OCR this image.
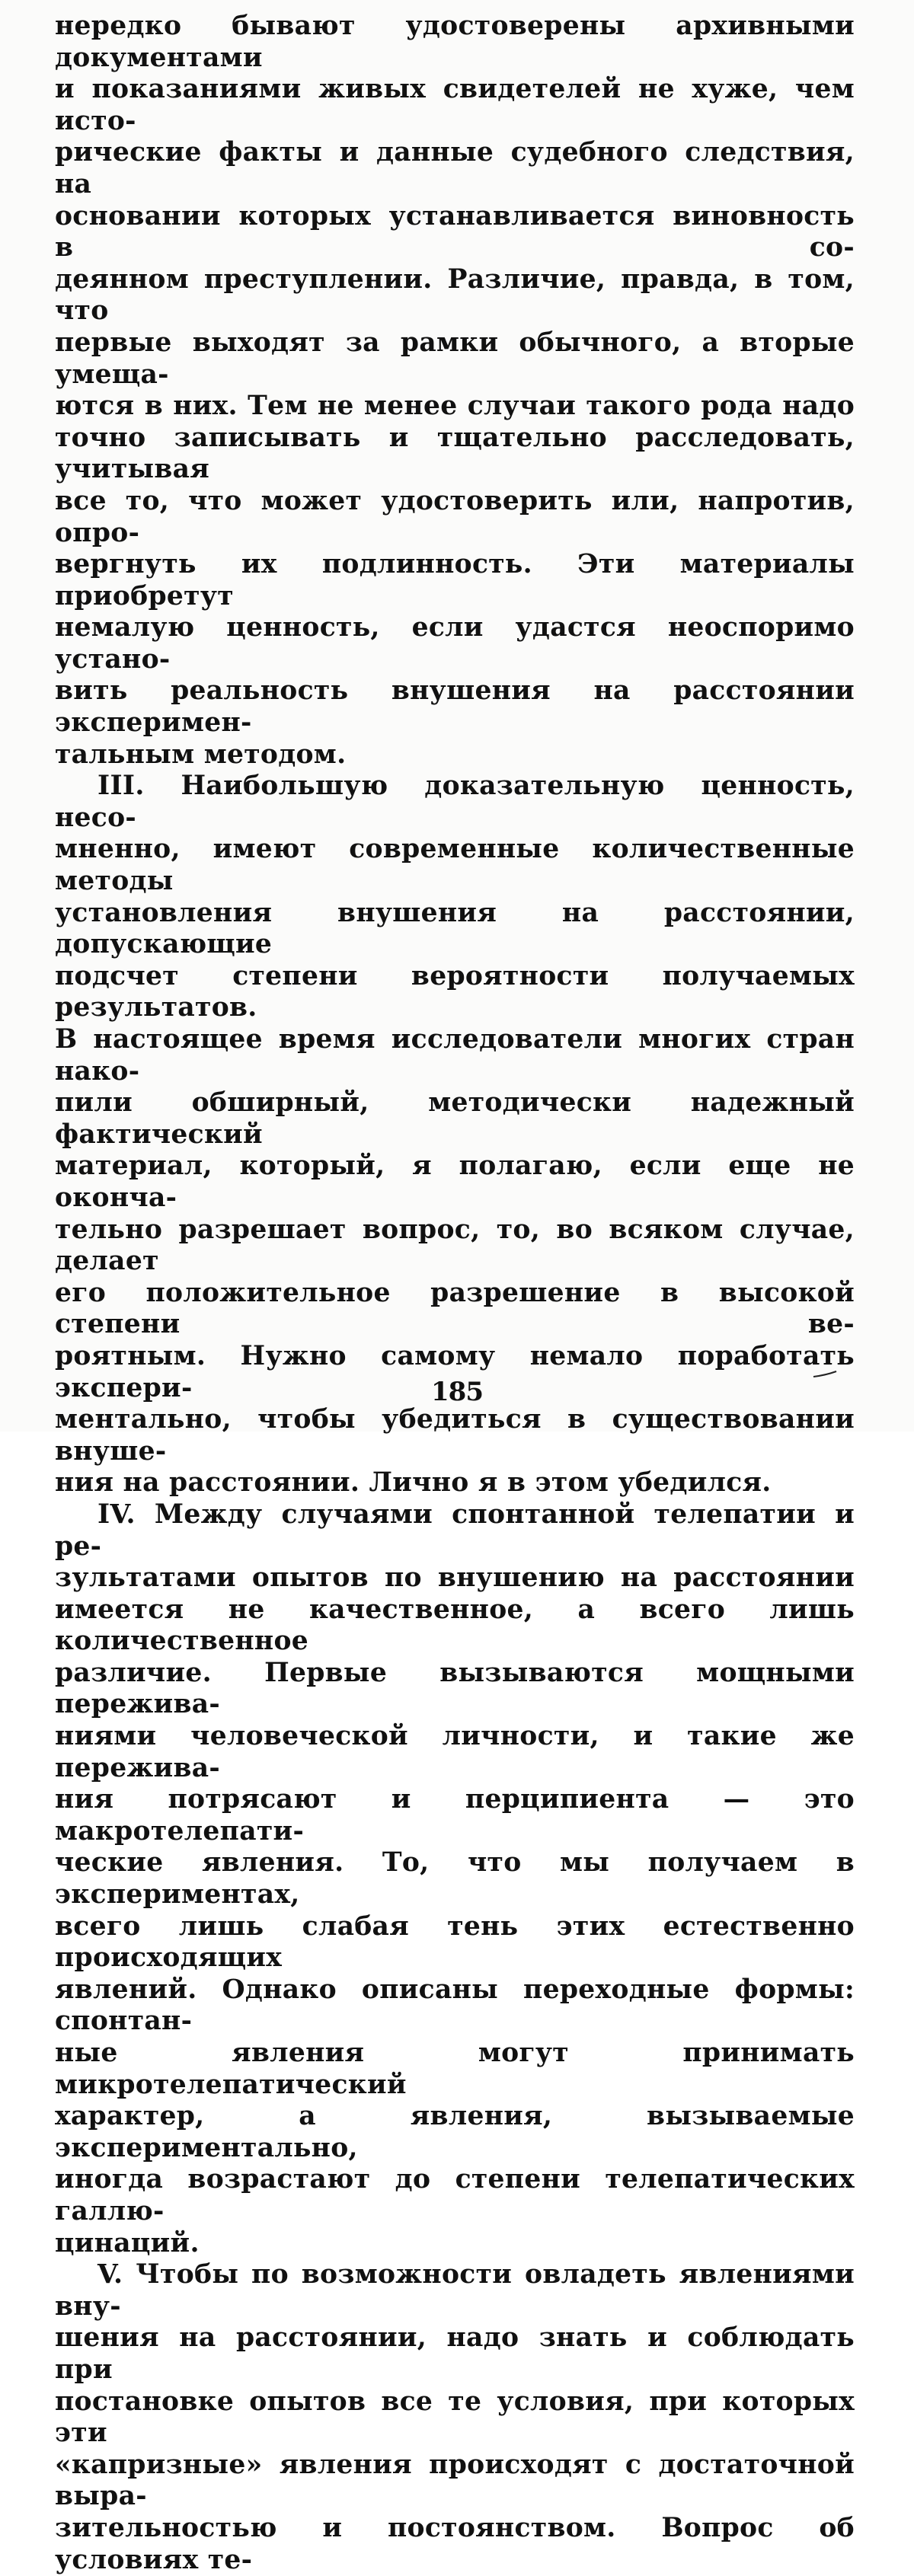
нередко бывают удостоверены архивными документами
и показаниями живых свидетелей не хуже, чем исто-
рические факты и данные судебного следствия, на
основании которых устанавливается виновность в со-
деянном преступлении. Различие, правда, в том, что
первые выходят за рамки обычного, а вторые умеща-
ются в них. Тем не менее случаи такого рода надо
точно записывать и тщательно расследовать, учитывая
все то, что может удостоверить или, напротив, опро-
вергнуть их подлинность. Эти материалы приобретут
немалую ценность, если удастся неоспоримо устано-
вить реальность внушения на расстоянии эксперимен-
тальным методом.
III. Наибольшую доказательную ценность, несо-
мненно, имеют современные количественные методы
установления внушения на расстоянии, допускающие
подсчет степени вероятности получаемых результатов.
В настоящее время исследователи многих стран нако-
пили обширный, методически надежный фактический
материал, который, я полагаю, если еще не оконча-
тельно разрешает вопрос, то, во всяком случае, делает
его положительное разрешение в высокой степени ве-
роятным. Нужно самому немало поработать экспери-
ментально, чтобы убедиться в существовании внуше-
ния на расстоянии. Лично я в этом убедился.
IV. Между случаями спонтанной телепатии и ре-
зультатами опытов по внушению на расстоянии
имеется не качественное, а всего лишь количественное
различие. Первые вызываются мощными пережива-
ниями человеческой личности, и такие же пережива-
ния потрясают и перципиента — это макротелепати-
ческие явления. То, что мы получаем в экспериментах,
всего лишь слабая тень этих естественно происходящих
явлений. Однако описаны переходные формы: спонтан-
ные явления могут принимать микротелепатический
характер, а явления, вызываемые экспериментально,
иногда возрастают до степени телепатических галлю-
цинаций.
V. Чтобы по возможности овладеть явлениями вну-
шения на расстоянии, надо знать и соблюдать при
постановке опытов все те условия, при которых эти
«капризные» явления происходят с достаточной выра-
зительностью и постоянством. Вопрос об условиях те-
185
